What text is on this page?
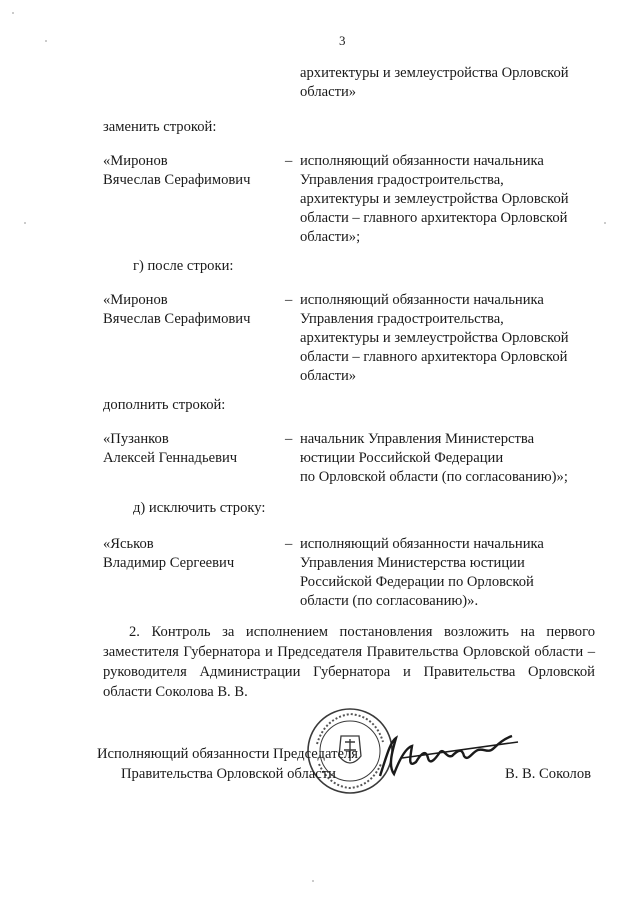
3
архитектуры и землеустройства Орловской
области»
заменить строкой:
«Миронов
Вячеслав Серафимович
– исполняющий обязанности начальника
Управления градостроительства,
архитектуры и землеустройства Орловской
области – главного архитектора Орловской
области»;
г) после строки:
«Миронов
Вячеслав Серафимович
– исполняющий обязанности начальника
Управления градостроительства,
архитектуры и землеустройства Орловской
области – главного архитектора Орловской
области»
дополнить строкой:
«Пузанков
Алексей Геннадьевич
– начальник Управления Министерства
юстиции Российской Федерации
по Орловской области (по согласованию)»;
д) исключить строку:
«Яськов
Владимир Сергеевич
– исполняющий обязанности начальника
Управления Министерства юстиции
Российской Федерации по Орловской
области (по согласованию)».

2. Контроль за исполнением постановления возложить на первого заместителя Губернатора и Председателя Правительства Орловской области – руководителя Администрации Губернатора и Правительства Орловской области Соколова В. В.

Исполняющий обязанности Председателя
Правительства Орловской области	В. В. Соколов
